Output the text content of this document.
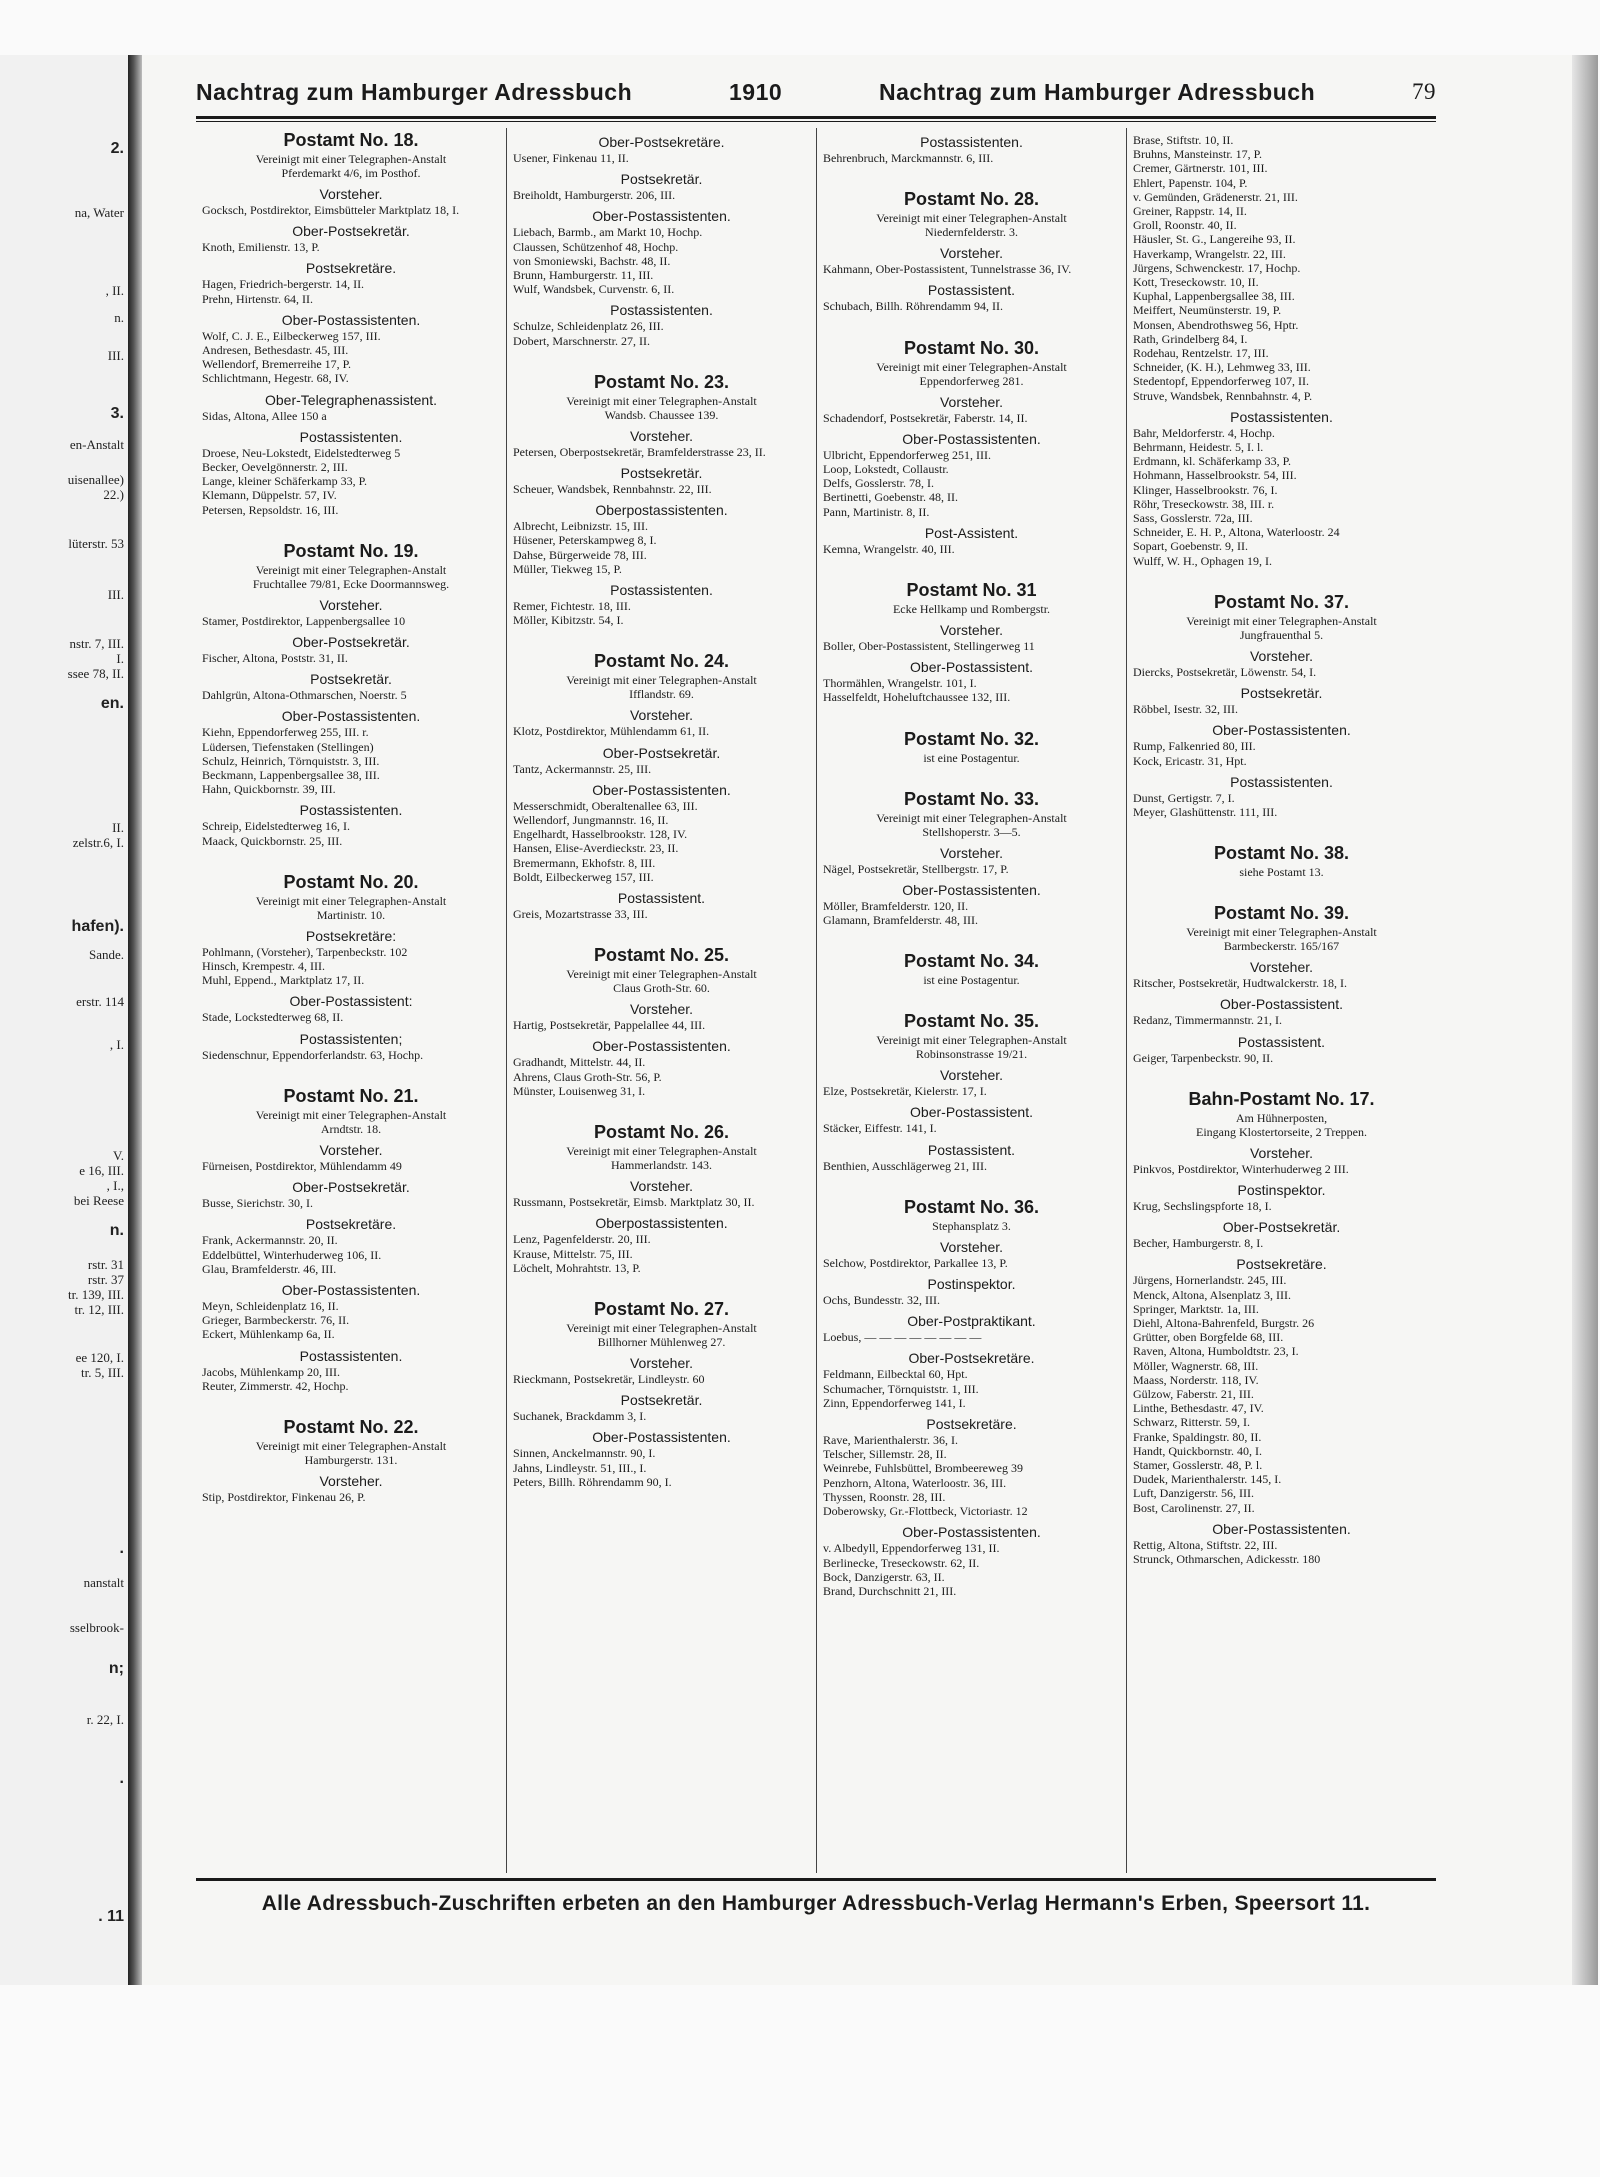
2.
na, Water
, II.
n.
III.
3.
en-Anstalt
uisenallee)
22.)
lüterstr. 53
III.
nstr. 7, III.
I.
ssee 78, II.
en.
II.
zelstr.6, I.
hafen).
Sande.
erstr. 114
, I.
V.
e 16, III.
, I.,
bei Reese
n.
rstr. 31
rstr. 37
tr. 139, III.
tr. 12, III.
ee 120, I.
tr. 5, III.
.
nanstalt
sselbrook-
n;
r. 22, I.
.
. 11
Nachtrag zum Hamburger Adressbuch	1910	Nachtrag zum Hamburger Adressbuch	79
Postamt No. 18.
Vereinigt mit einer Telegraphen-Anstalt
Pferdemarkt 4/6, im Posthof.
Vorsteher.
Gocksch, Postdirektor, Eimsbütteler Marktplatz 18, I.
Ober-Postsekretär.
Knoth, Emilienstr. 13, P.
Postsekretäre.
Hagen, Friedrich-bergerstr. 14, II.
Prehn, Hirtenstr. 64, II.
Ober-Postassistenten.
Wolf, C. J. E., Eilbeckerweg 157, III.
Andresen, Bethesdastr. 45, III.
Wellendorf, Bremerreihe 17, P.
Schlichtmann, Hegestr. 68, IV.
Ober-Telegraphenassistent.
Sidas, Altona, Allee 150 a
Postassistenten.
Droese, Neu-Lokstedt, Eidelstedterweg 5
Becker, Oevelgönnerstr. 2, III.
Lange, kleiner Schäferkamp 33, P.
Klemann, Düppelstr. 57, IV.
Petersen, Repsoldstr. 16, III.
Postamt No. 19.
Vereinigt mit einer Telegraphen-Anstalt
Fruchtallee 79/81, Ecke Doormannsweg.
Vorsteher.
Stamer, Postdirektor, Lappenbergsallee 10
Ober-Postsekretär.
Fischer, Altona, Poststr. 31, II.
Postsekretär.
Dahlgrün, Altona-Othmarschen, Noerstr. 5
Ober-Postassistenten.
Kiehn, Eppendorferweg 255, III. r.
Lüdersen, Tiefenstaken (Stellingen)
Schulz, Heinrich, Törnquiststr. 3, III.
Beckmann, Lappenbergsallee 38, III.
Hahn, Quickbornstr. 39, III.
Postassistenten.
Schreip, Eidelstedterweg 16, I.
Maack, Quickbornstr. 25, III.
Postamt No. 20.
Vereinigt mit einer Telegraphen-Anstalt
Martinistr. 10.
Postsekretäre:
Pohlmann, (Vorsteher), Tarpenbeckstr. 102
Hinsch, Krempestr. 4, III.
Muhl, Eppend., Marktplatz 17, II.
Ober-Postassistent:
Stade, Lockstedterweg 68, II.
Postassistenten;
Siedenschnur, Eppendorferlandstr. 63, Hochp.
Postamt No. 21.
Vereinigt mit einer Telegraphen-Anstalt
Arndtstr. 18.
Vorsteher.
Fürneisen, Postdirektor, Mühlendamm 49
Ober-Postsekretär.
Busse, Sierichstr. 30, I.
Postsekretäre.
Frank, Ackermannstr. 20, II.
Eddelbüttel, Winterhuderweg 106, II.
Glau, Bramfelderstr. 46, III.
Ober-Postassistenten.
Meyn, Schleidenplatz 16, II.
Grieger, Barmbeckerstr. 76, II.
Eckert, Mühlenkamp 6a, II.
Postassistenten.
Jacobs, Mühlenkamp 20, III.
Reuter, Zimmerstr. 42, Hochp.
Postamt No. 22.
Vereinigt mit einer Telegraphen-Anstalt
Hamburgerstr. 131.
Vorsteher.
Stip, Postdirektor, Finkenau 26, P.
Ober-Postsekretäre.
Usener, Finkenau 11, II.
Postsekretär.
Breiholdt, Hamburgerstr. 206, III.
Ober-Postassistenten.
Liebach, Barmb., am Markt 10, Hochp.
Claussen, Schützenhof 48, Hochp.
von Smoniewski, Bachstr. 48, II.
Brunn, Hamburgerstr. 11, III.
Wulf, Wandsbek, Curvenstr. 6, II.
Postassistenten.
Schulze, Schleidenplatz 26, III.
Dobert, Marschnerstr. 27, II.
Postamt No. 23.
Vereinigt mit einer Telegraphen-Anstalt
Wandsb. Chaussee 139.
Vorsteher.
Petersen, Oberpostsekretär, Bramfelderstrasse 23, II.
Postsekretär.
Scheuer, Wandsbek, Rennbahnstr. 22, III.
Oberpostassistenten.
Albrecht, Leibnizstr. 15, III.
Hüsener, Peterskampweg 8, I.
Dahse, Bürgerweide 78, III.
Müller, Tiekweg 15, P.
Postassistenten.
Remer, Fichtestr. 18, III.
Möller, Kibitzstr. 54, I.
Postamt No. 24.
Vereinigt mit einer Telegraphen-Anstalt
Ifflandstr. 69.
Vorsteher.
Klotz, Postdirektor, Mühlendamm 61, II.
Ober-Postsekretär.
Tantz, Ackermannstr. 25, III.
Ober-Postassistenten.
Messerschmidt, Oberaltenallee 63, III.
Wellendorf, Jungmannstr. 16, II.
Engelhardt, Hasselbrookstr. 128, IV.
Hansen, Elise-Averdieckstr. 23, II.
Bremermann, Ekhofstr. 8, III.
Boldt, Eilbeckerweg 157, III.
Postassistent.
Greis, Mozartstrasse 33, III.
Postamt No. 25.
Vereinigt mit einer Telegraphen-Anstalt
Claus Groth-Str. 60.
Vorsteher.
Hartig, Postsekretär, Pappelallee 44, III.
Ober-Postassistenten.
Gradhandt, Mittelstr. 44, II.
Ahrens, Claus Groth-Str. 56, P.
Münster, Louisenweg 31, I.
Postamt No. 26.
Vereinigt mit einer Telegraphen-Anstalt
Hammerlandstr. 143.
Vorsteher.
Russmann, Postsekretär, Eimsb. Marktplatz 30, II.
Oberpostassistenten.
Lenz, Pagenfelderstr. 20, III.
Krause, Mittelstr. 75, III.
Löchelt, Mohrahtstr. 13, P.
Postamt No. 27.
Vereinigt mit einer Telegraphen-Anstalt
Billhorner Mühlenweg 27.
Vorsteher.
Rieckmann, Postsekretär, Lindleystr. 60
Postsekretär.
Suchanek, Brackdamm 3, I.
Ober-Postassistenten.
Sinnen, Anckelmannstr. 90, I.
Jahns, Lindleystr. 51, III., I.
Peters, Billh. Röhrendamm 90, I.
Postassistenten.
Behrenbruch, Marckmannstr. 6, III.
Postamt No. 28.
Vereinigt mit einer Telegraphen-Anstalt
Niedernfelderstr. 3.
Vorsteher.
Kahmann, Ober-Postassistent, Tunnelstrasse 36, IV.
Postassistent.
Schubach, Billh. Röhrendamm 94, II.
Postamt No. 30.
Vereinigt mit einer Telegraphen-Anstalt
Eppendorferweg 281.
Vorsteher.
Schadendorf, Postsekretär, Faberstr. 14, II.
Ober-Postassistenten.
Ulbricht, Eppendorferweg 251, III.
Loop, Lokstedt, Collaustr.
Delfs, Gosslerstr. 78, I.
Bertinetti, Goebenstr. 48, II.
Pann, Martinistr. 8, II.
Post-Assistent.
Kemna, Wrangelstr. 40, III.
Postamt No. 31
Ecke Hellkamp und Rombergstr.
Vorsteher.
Boller, Ober-Postassistent, Stellingerweg 11
Ober-Postassistent.
Thormählen, Wrangelstr. 101, I.
Hasselfeldt, Hoheluftchaussee 132, III.
Postamt No. 32.
ist eine Postagentur.
Postamt No. 33.
Vereinigt mit einer Telegraphen-Anstalt
Stellshoperstr. 3—5.
Vorsteher.
Nägel, Postsekretär, Stellbergstr. 17, P.
Ober-Postassistenten.
Möller, Bramfelderstr. 120, II.
Glamann, Bramfelderstr. 48, III.
Postamt No. 34.
ist eine Postagentur.
Postamt No. 35.
Vereinigt mit einer Telegraphen-Anstalt
Robinsonstrasse 19/21.
Vorsteher.
Elze, Postsekretär, Kielerstr. 17, I.
Ober-Postassistent.
Stäcker, Eiffestr. 141, I.
Postassistent.
Benthien, Ausschlägerweg 21, III.
Postamt No. 36.
Stephansplatz 3.
Vorsteher.
Selchow, Postdirektor, Parkallee 13, P.
Postinspektor.
Ochs, Bundesstr. 32, III.
Ober-Postpraktikant.
Loebus, — — — — — — — —
Ober-Postsekretäre.
Feldmann, Eilbecktal 60, Hpt.
Schumacher, Törnquiststr. 1, III.
Zinn, Eppendorferweg 141, I.
Postsekretäre.
Rave, Marienthalerstr. 36, I.
Telscher, Sillemstr. 28, II.
Weinrebe, Fuhlsbüttel, Brombeereweg 39
Penzhorn, Altona, Waterloostr. 36, III.
Thyssen, Roonstr. 28, III.
Doberowsky, Gr.-Flottbeck, Victoriastr. 12
Ober-Postassistenten.
v. Albedyll, Eppendorferweg 131, II.
Berlinecke, Treseckowstr. 62, II.
Bock, Danzigerstr. 63, II.
Brand, Durchschnitt 21, III.
Brase, Stiftstr. 10, II.
Bruhns, Mansteinstr. 17, P.
Cremer, Gärtnerstr. 101, III.
Ehlert, Papenstr. 104, P.
v. Gemünden, Grädenerstr. 21, III.
Greiner, Rappstr. 14, II.
Groll, Roonstr. 40, II.
Häusler, St. G., Langereihe 93, II.
Haverkamp, Wrangelstr. 22, III.
Jürgens, Schwenckestr. 17, Hochp.
Kott, Treseckowstr. 10, II.
Kuphal, Lappenbergsallee 38, III.
Meiffert, Neumünsterstr. 19, P.
Monsen, Abendrothsweg 56, Hptr.
Rath, Grindelberg 84, I.
Rodehau, Rentzelstr. 17, III.
Schneider, (K. H.), Lehmweg 33, III.
Stedentopf, Eppendorferweg 107, II.
Struve, Wandsbek, Rennbahnstr. 4, P.
Postassistenten.
Bahr, Meldorferstr. 4, Hochp.
Behrmann, Heidestr. 5, I. l.
Erdmann, kl. Schäferkamp 33, P.
Hohmann, Hasselbrookstr. 54, III.
Klinger, Hasselbrookstr. 76, I.
Röhr, Treseckowstr. 38, III. r.
Sass, Gosslerstr. 72a, III.
Schneider, E. H. P., Altona, Waterloostr. 24
Sopart, Goebenstr. 9, II.
Wulff, W. H., Ophagen 19, I.
Postamt No. 37.
Vereinigt mit einer Telegraphen-Anstalt
Jungfrauenthal 5.
Vorsteher.
Diercks, Postsekretär, Löwenstr. 54, I.
Postsekretär.
Röbbel, Isestr. 32, III.
Ober-Postassistenten.
Rump, Falkenried 80, III.
Kock, Ericastr. 31, Hpt.
Postassistenten.
Dunst, Gertigstr. 7, I.
Meyer, Glashüttenstr. 111, III.
Postamt No. 38.
siehe Postamt 13.
Postamt No. 39.
Vereinigt mit einer Telegraphen-Anstalt
Barmbeckerstr. 165/167
Vorsteher.
Ritscher, Postsekretär, Hudtwalckerstr. 18, I.
Ober-Postassistent.
Redanz, Timmermannstr. 21, I.
Postassistent.
Geiger, Tarpenbeckstr. 90, II.
Bahn-Postamt No. 17.
Am Hühnerposten,
Eingang Klostertorseite, 2 Treppen.
Vorsteher.
Pinkvos, Postdirektor, Winterhuderweg 2 III.
Postinspektor.
Krug, Sechslingspforte 18, I.
Ober-Postsekretär.
Becher, Hamburgerstr. 8, I.
Postsekretäre.
Jürgens, Hornerlandstr. 245, III.
Menck, Altona, Alsenplatz 3, III.
Springer, Marktstr. 1a, III.
Diehl, Altona-Bahrenfeld, Burgstr. 26
Grütter, oben Borgfelde 68, III.
Raven, Altona, Humboldtstr. 23, I.
Möller, Wagnerstr. 68, III.
Maass, Norderstr. 118, IV.
Gülzow, Faberstr. 21, III.
Linthe, Bethesdastr. 47, IV.
Schwarz, Ritterstr. 59, I.
Franke, Spaldingstr. 80, II.
Handt, Quickbornstr. 40, I.
Stamer, Gosslerstr. 48, P. l.
Dudek, Marienthalerstr. 145, I.
Luft, Danzigerstr. 56, III.
Bost, Carolinenstr. 27, II.
Ober-Postassistenten.
Rettig, Altona, Stiftstr. 22, III.
Strunck, Othmarschen, Adickesstr. 180
Alle Adressbuch-Zuschriften erbeten an den Hamburger Adressbuch-Verlag Hermann's Erben, Speersort 11.
